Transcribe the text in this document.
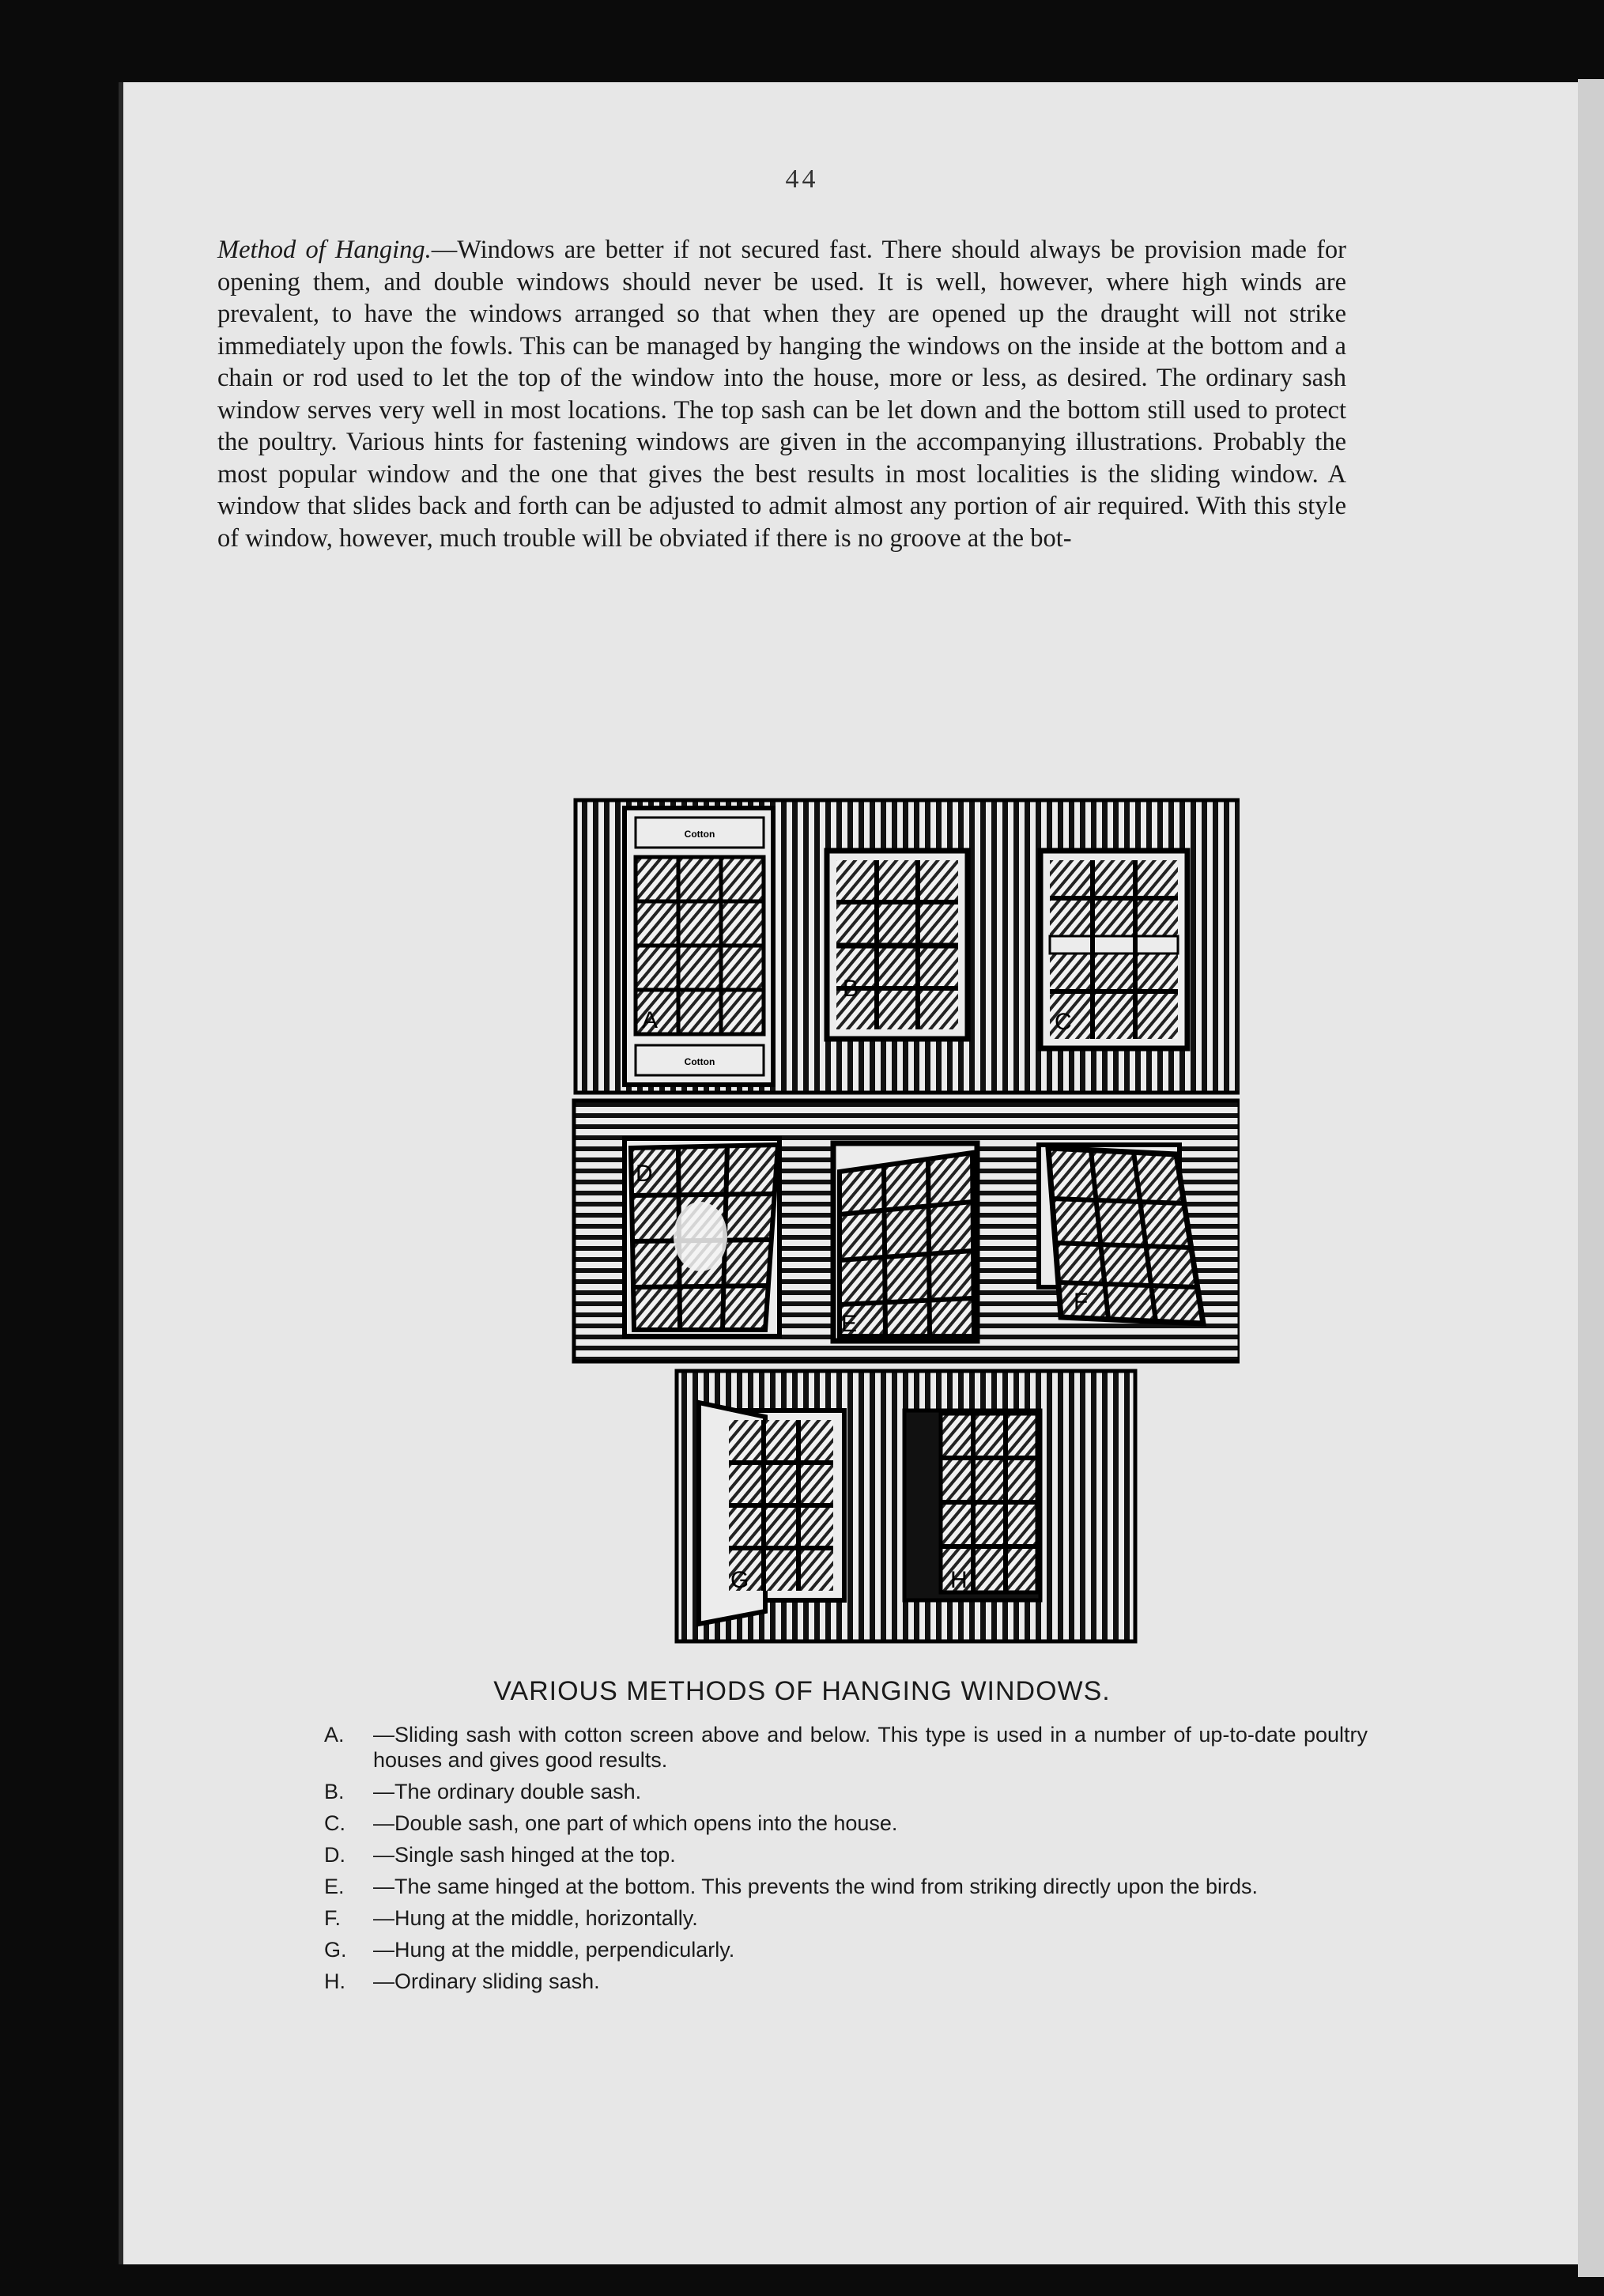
44

Method of Hanging.—Windows are better if not secured fast. There should always be provision made for opening them, and double windows should never be used. It is well, however, where high winds are prevalent, to have the windows arranged so that when they are opened up the draught will not strike immediately upon the fowls. This can be managed by hanging the windows on the inside at the bottom and a chain or rod used to let the top of the window into the house, more or less, as desired. The ordinary sash window serves very well in most locations. The top sash can be let down and the bottom still used to protect the poultry. Various hints for fastening windows are given in the accompanying illustrations. Probably the most popular window and the one that gives the best results in most localities is the sliding window. A window that slides back and forth can be adjusted to admit almost any portion of air required. With this style of window, however, much trouble will be obviated if there is no groove at the bot-

Cotton
Cotton
A
B
C
D
E
F
G	H

VARIOUS METHODS OF HANGING WINDOWS.

A.	—Sliding sash with cotton screen above and below. This type is used in a number of up-to-date poultry houses and gives good results.
B.	—The ordinary double sash.
C.	—Double sash, one part of which opens into the house.
D.	—Single sash hinged at the top.
E.	—The same hinged at the bottom. This prevents the wind from striking directly upon the birds.
F.	—Hung at the middle, horizontally.
G.	—Hung at the middle, perpendicularly.
H.	—Ordinary sliding sash.
